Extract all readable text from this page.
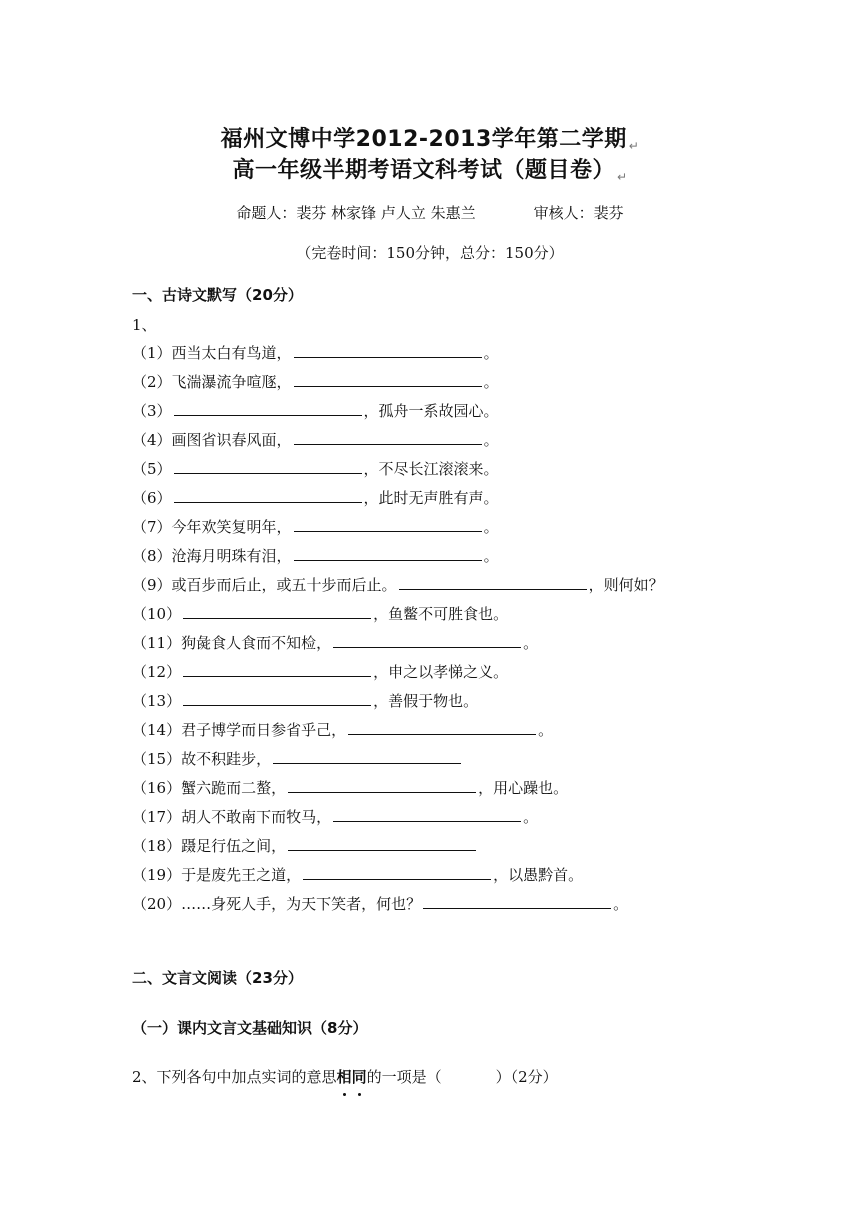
福州文博中学2012-2013学年第二学期 ↵
高一年级半期考语文科考试（题目卷） ↵
命题人：裴芬 林家锋 卢人立 朱惠兰	审核人：裴芬
（完卷时间：150分钟，总分：150分）
一、古诗文默写（20分）
1、
（1）西当太白有鸟道，	。
（2）飞湍瀑流争喧豗，	。
（3）	，孤舟一系故园心。
（4）画图省识春风面，	。
（5）	，不尽长江滚滚来。
（6）	，此时无声胜有声。
（7）今年欢笑复明年，	。
（8）沧海月明珠有泪，	。
（9）或百步而后止，或五十步而后止。	，则何如？
（10）	，鱼鳖不可胜食也。
（11）狗彘食人食而不知检，	。
（12）	，申之以孝悌之义。
（13）	，善假于物也。
（14）君子博学而日参省乎己，	。
（15）故不积跬步，
（16）蟹六跪而二螯，	，用心躁也。
（17）胡人不敢南下而牧马，	。
（18）蹑足行伍之间，
（19）于是废先王之道，	，以愚黔首。
（20）……身死人手，为天下笑者，何也？	。
二、文言文阅读（23分）
（一）课内文言文基础知识（8分）
2、下列各句中加点实词的意思相
同
的一项是（	）（2分）
